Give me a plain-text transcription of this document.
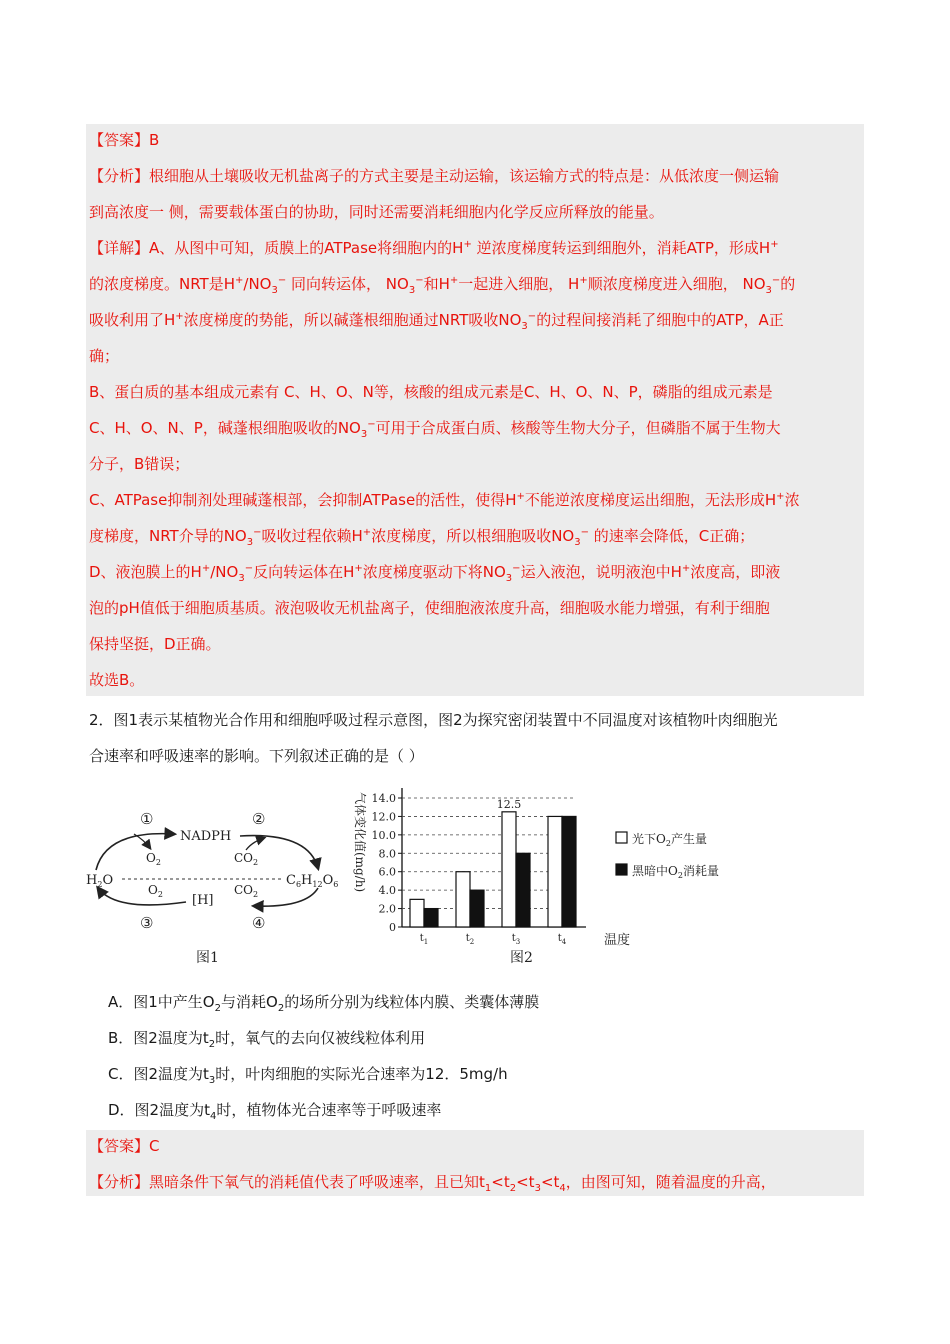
【答案】B
【分析】根细胞从土壤吸收无机盐离子的方式主要是主动运输，该运输方式的特点是：从低浓度一侧运输
到高浓度一 侧，需要载体蛋白的协助，同时还需要消耗细胞内化学反应所释放的能量。
【详解】A、从图中可知，质膜上的ATPase将细胞内的H+ 逆浓度梯度转运到细胞外，消耗ATP，形成H+
的浓度梯度。NRT是$H^+/NO_3^-$ 同向转运体， $NO_3^-$和H+一起进入细胞， H+顺浓度梯度进入细胞， $NO_3^-$的
吸收利用了H+浓度梯度的势能，所以碱蓬根细胞通过NRT吸收$NO_3^-$的过程间接消耗了细胞中的ATP，A正
确；
B、蛋白质的基本组成元素有 C、H、O、N等，核酸的组成元素是C、H、O、N、P，磷脂的组成元素是
C、H、O、N、P，碱蓬根细胞吸收的$NO_3^-$可用于合成蛋白质、核酸等生物大分子，但磷脂不属于生物大
分子，B错误；
C、ATPase抑制剂处理碱蓬根部，会抑制ATPase的活性，使得H+不能逆浓度梯度运出细胞，无法形成H+浓
度梯度，NRT介导的$NO_3^-$吸收过程依赖H+浓度梯度，所以根细胞吸收$NO_3^-$ 的速率会降低，C正确；
D、液泡膜上的$H^+/NO_3^-$反向转运体在H+浓度梯度驱动下将$NO_3^-$运入液泡，说明液泡中H+浓度高，即液
泡的pH值低于细胞质基质。液泡吸收无机盐离子，使细胞液浓度升高，细胞吸水能力增强，有利于细胞
保持坚挺，D正确。
故选B。
2．图1表示某植物光合作用和细胞呼吸过程示意图，图2为探究密闭装置中不同温度对该植物叶肉细胞光
合速率和呼吸速率的影响。下列叙述正确的是（ ）
①	②
NADPH
$O_2$	$CO_2$
$H_2O$	$C_6H_{12}O_6$
$O_2$	$CO_2$
[H]
③	④
图1
气体变化值(mg/h)
温度
图2
光下$O_2$产生量
黑暗中$O_2$消耗量
0
2.0
4.0
6.0
8.0
10.0
12.0
14.0
$t_1$	$t_2$	$t_3$	$t_4$
12.5
A．图1中产生$O_2$与消耗$O_2$的场所分别为线粒体内膜、类囊体薄膜
B．图2温度为$t_2$时，氧气的去向仅被线粒体利用
C．图2温度为$t_3$时，叶肉细胞的实际光合速率为12．5mg/h
D．图2温度为$t_4$时，植物体光合速率等于呼吸速率
【答案】C
【分析】黑暗条件下氧气的消耗值代表了呼吸速率，且已知$t_1<t_2<t_3<t_4$，由图可知，随着温度的升高，
